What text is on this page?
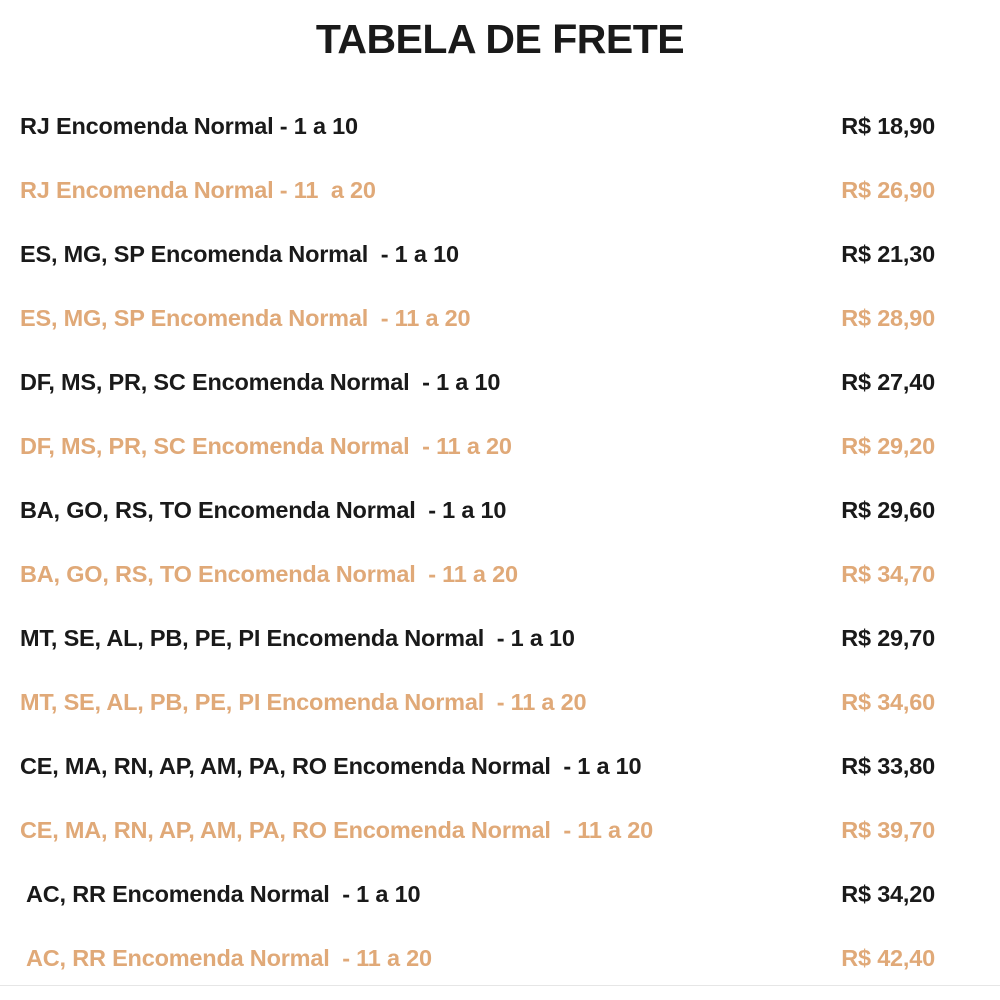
TABELA DE FRETE
RJ Encomenda Normal - 1 a 10	R$ 18,90
RJ Encomenda Normal - 11  a 20	R$ 26,90
ES, MG, SP Encomenda Normal  - 1 a 10	R$ 21,30
ES, MG, SP Encomenda Normal  - 11 a 20	R$ 28,90
DF, MS, PR, SC Encomenda Normal  - 1 a 10	R$ 27,40
DF, MS, PR, SC Encomenda Normal  - 11 a 20	R$ 29,20
BA, GO, RS, TO Encomenda Normal  - 1 a 10	R$ 29,60
BA, GO, RS, TO Encomenda Normal  - 11 a 20	R$ 34,70
MT, SE, AL, PB, PE, PI Encomenda Normal  - 1 a 10	R$ 29,70
MT, SE, AL, PB, PE, PI Encomenda Normal  - 11 a 20	R$ 34,60
CE, MA, RN, AP, AM, PA, RO Encomenda Normal  - 1 a 10	R$ 33,80
CE, MA, RN, AP, AM, PA, RO Encomenda Normal  - 11 a 20	R$ 39,70
AC, RR Encomenda Normal  - 1 a 10	R$ 34,20
AC, RR Encomenda Normal  - 11 a 20	R$ 42,40
